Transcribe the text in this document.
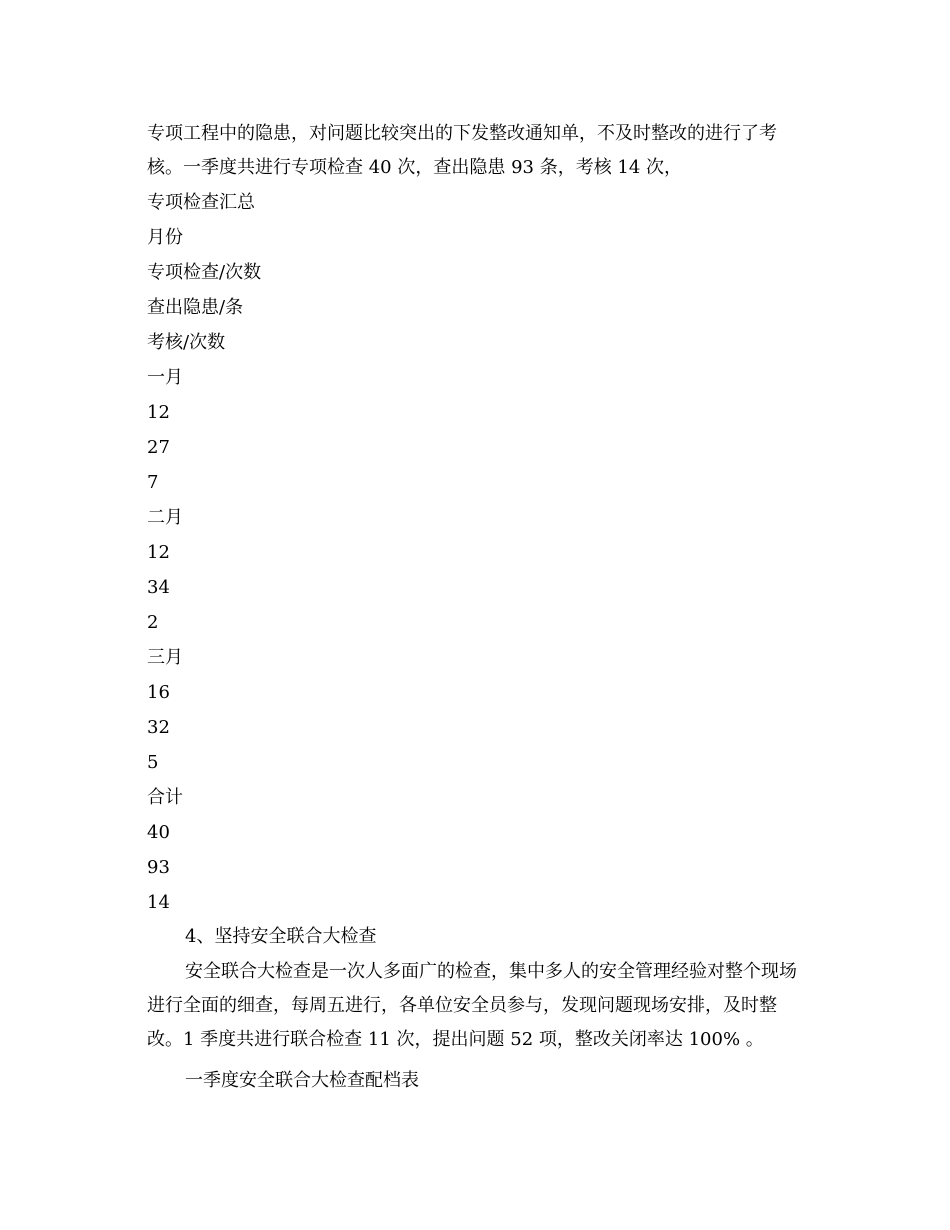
专项工程中的隐患，对问题比较突出的下发整改通知单，不及时整改的进行了考核。一季度共进行专项检查 40 次，查出隐患 93 条，考核 14 次，

专项检查汇总
月份
专项检查/次数
查出隐患/条
考核/次数
一月
12
27
7
二月
12
34
2
三月
16
32
5
合计
40
93
14
4、坚持安全联合大检查

安全联合大检查是一次人多面广的检查，集中多人的安全管理经验对整个现场进行全面的细查，每周五进行，各单位安全员参与，发现问题现场安排，及时整改。1 季度共进行联合检查 11 次，提出问题 52 项，整改关闭率达 100% 。

一季度安全联合大检查配档表
